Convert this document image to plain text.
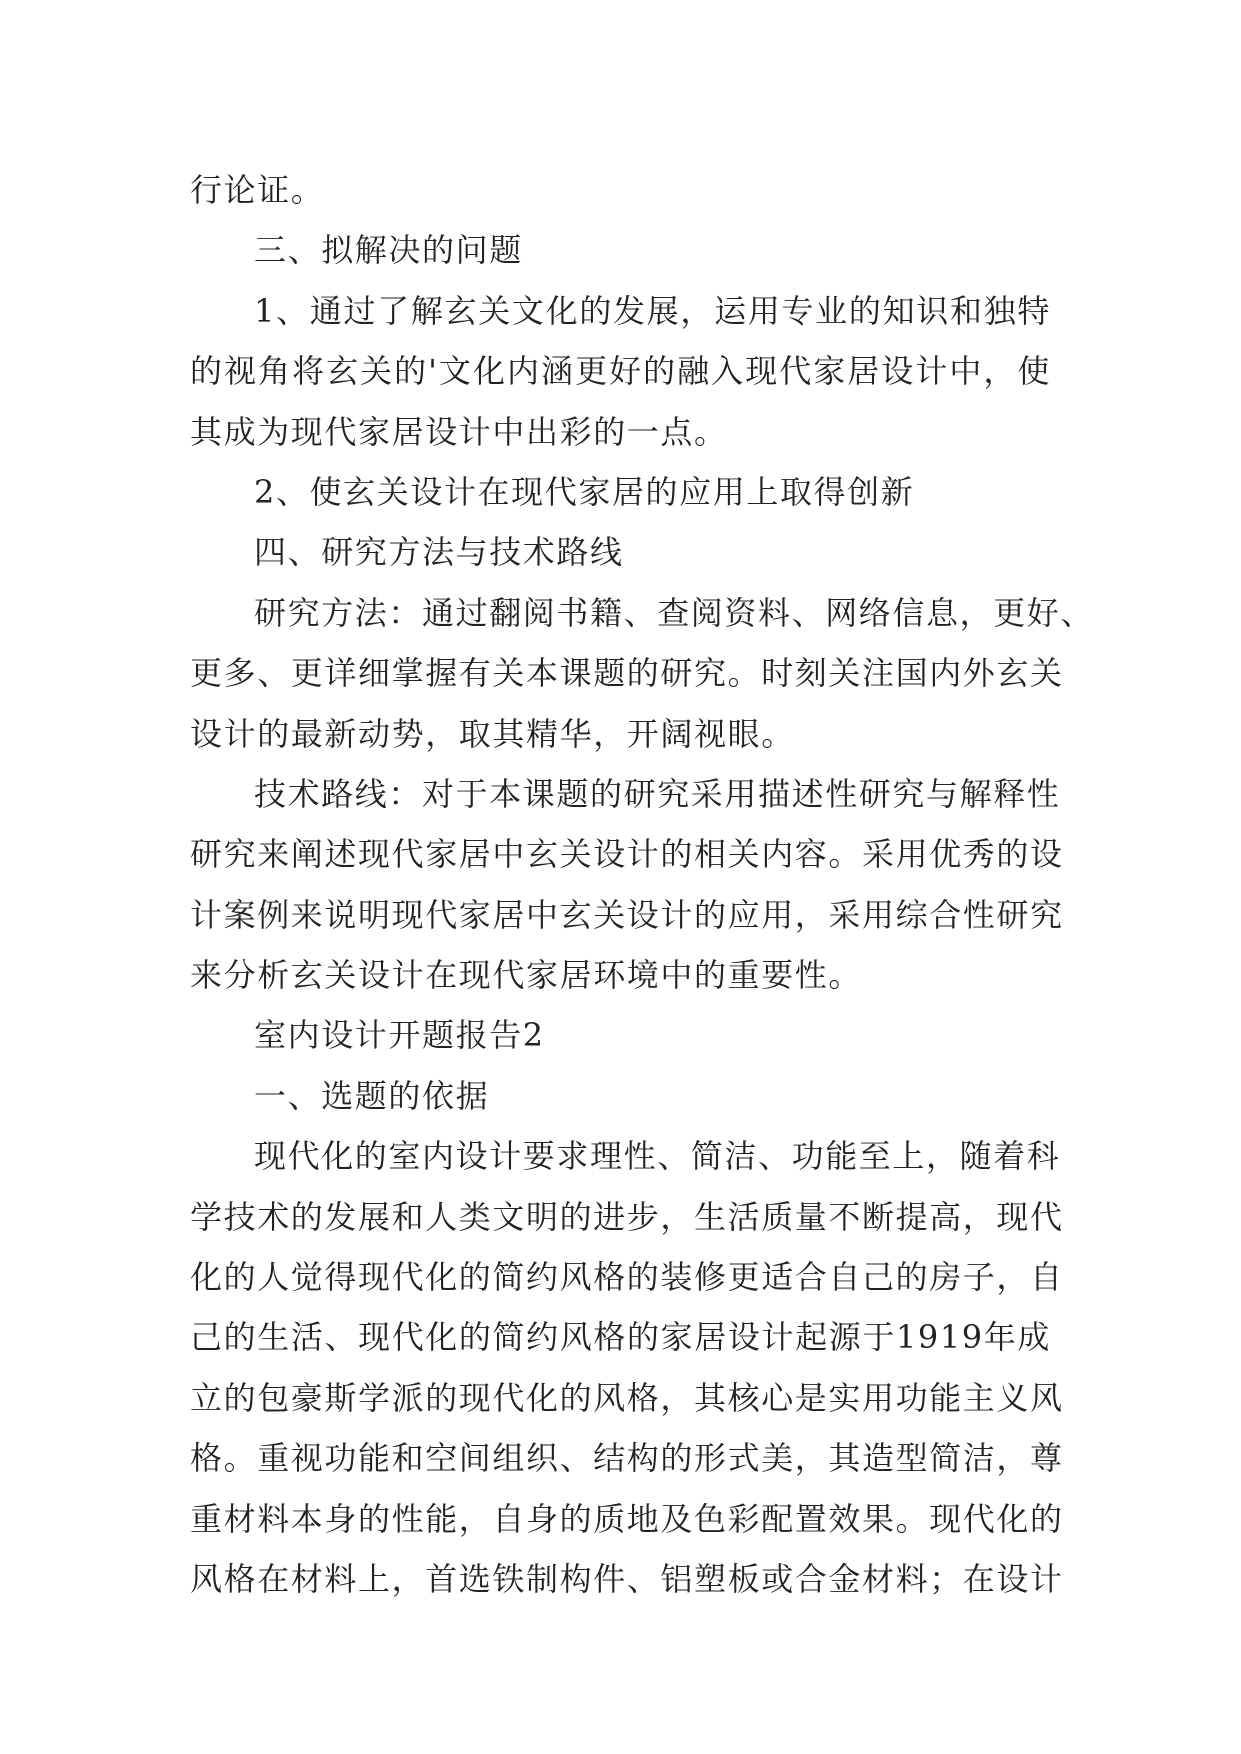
行论证。
三、拟解决的问题
1、通过了解玄关文化的发展，运用专业的知识和独特
的视角将玄关的'文化内涵更好的融入现代家居设计中，使
其成为现代家居设计中出彩的一点。
2、使玄关设计在现代家居的应用上取得创新
四、研究方法与技术路线
研究方法：通过翻阅书籍、查阅资料、网络信息，更好、
更多、更详细掌握有关本课题的研究。时刻关注国内外玄关
设计的最新动势，取其精华，开阔视眼。
技术路线：对于本课题的研究采用描述性研究与解释性
研究来阐述现代家居中玄关设计的相关内容。采用优秀的设
计案例来说明现代家居中玄关设计的应用，采用综合性研究
来分析玄关设计在现代家居环境中的重要性。
室内设计开题报告2
一、选题的依据
现代化的室内设计要求理性、简洁、功能至上，随着科
学技术的发展和人类文明的进步，生活质量不断提高，现代
化的人觉得现代化的简约风格的装修更适合自己的房子，自
己的生活、现代化的简约风格的家居设计起源于1919年成
立的包豪斯学派的现代化的风格，其核心是实用功能主义风
格。重视功能和空间组织、结构的形式美，其造型简洁，尊
重材料本身的性能，自身的质地及色彩配置效果。现代化的
风格在材料上，首选铁制构件、铝塑板或合金材料；在设计
